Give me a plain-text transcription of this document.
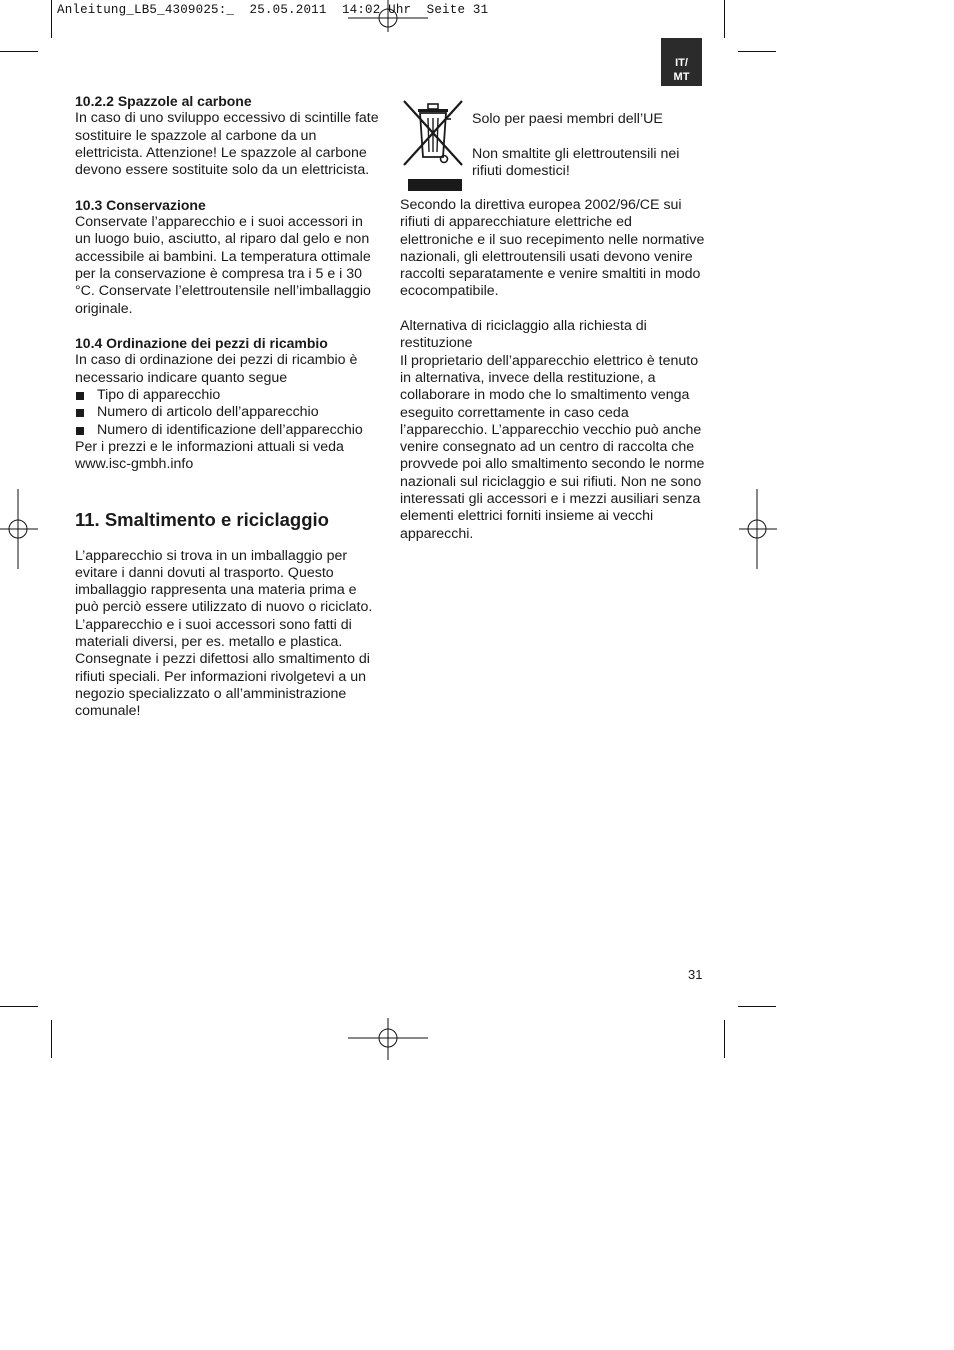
Anleitung_LB5_4309025:_  25.05.2011  14:02 Uhr  Seite 31
IT/
MT
10.2.2 Spazzole al carbone

In caso di uno sviluppo eccessivo di scintille fate sostituire le spazzole al carbone da un elettricista. Attenzione! Le spazzole al carbone devono essere sostituite solo da un elettricista.

10.3 Conservazione

Conservate l’apparecchio e i suoi accessori in un luogo buio, asciutto, al riparo dal gelo e non accessibile ai bambini. La temperatura ottimale per la conservazione è compresa tra i 5 e i 30 °C. Conservate l’elettroutensile nell’imballaggio originale.

10.4 Ordinazione dei pezzi di ricambio

In caso di ordinazione dei pezzi di ricambio è necessario indicare quanto segue

Tipo di apparecchio
Numero di articolo dell’apparecchio
Numero di identificazione dell’apparecchio

Per i prezzi e le informazioni attuali si veda www.isc-gmbh.info

11. Smaltimento e riciclaggio

L’apparecchio si trova in un imballaggio per evitare i danni dovuti al trasporto. Questo imballaggio rappresenta una materia prima e può perciò essere utilizzato di nuovo o riciclato. L’apparecchio e i suoi accessori sono fatti di materiali diversi, per es. metallo e plastica. Consegnate i pezzi difettosi allo smaltimento di rifiuti speciali. Per informazioni rivolgetevi a un negozio specializzato o all’amministrazione comunale!

Solo per paesi membri dell’UE

Non smaltite gli elettroutensili nei rifiuti domestici!

Secondo la direttiva europea 2002/96/CE sui rifiuti di apparecchiature elettriche ed elettroniche e il suo recepimento nelle normative nazionali, gli elettroutensili usati devono venire raccolti separatamente e venire smaltiti in modo ecocompatibile.

Alternativa di riciclaggio alla richiesta di restituzione

Il proprietario dell’apparecchio elettrico è tenuto in alternativa, invece della restituzione, a collaborare in modo che lo smaltimento venga eseguito correttamente in caso ceda l’apparecchio. L’apparecchio vecchio può anche venire consegnato ad un centro di raccolta che provvede poi allo smaltimento secondo le norme nazionali sul riciclaggio e sui rifiuti. Non ne sono interessati gli accessori e i mezzi ausiliari senza elementi elettrici forniti insieme ai vecchi apparecchi.

31
